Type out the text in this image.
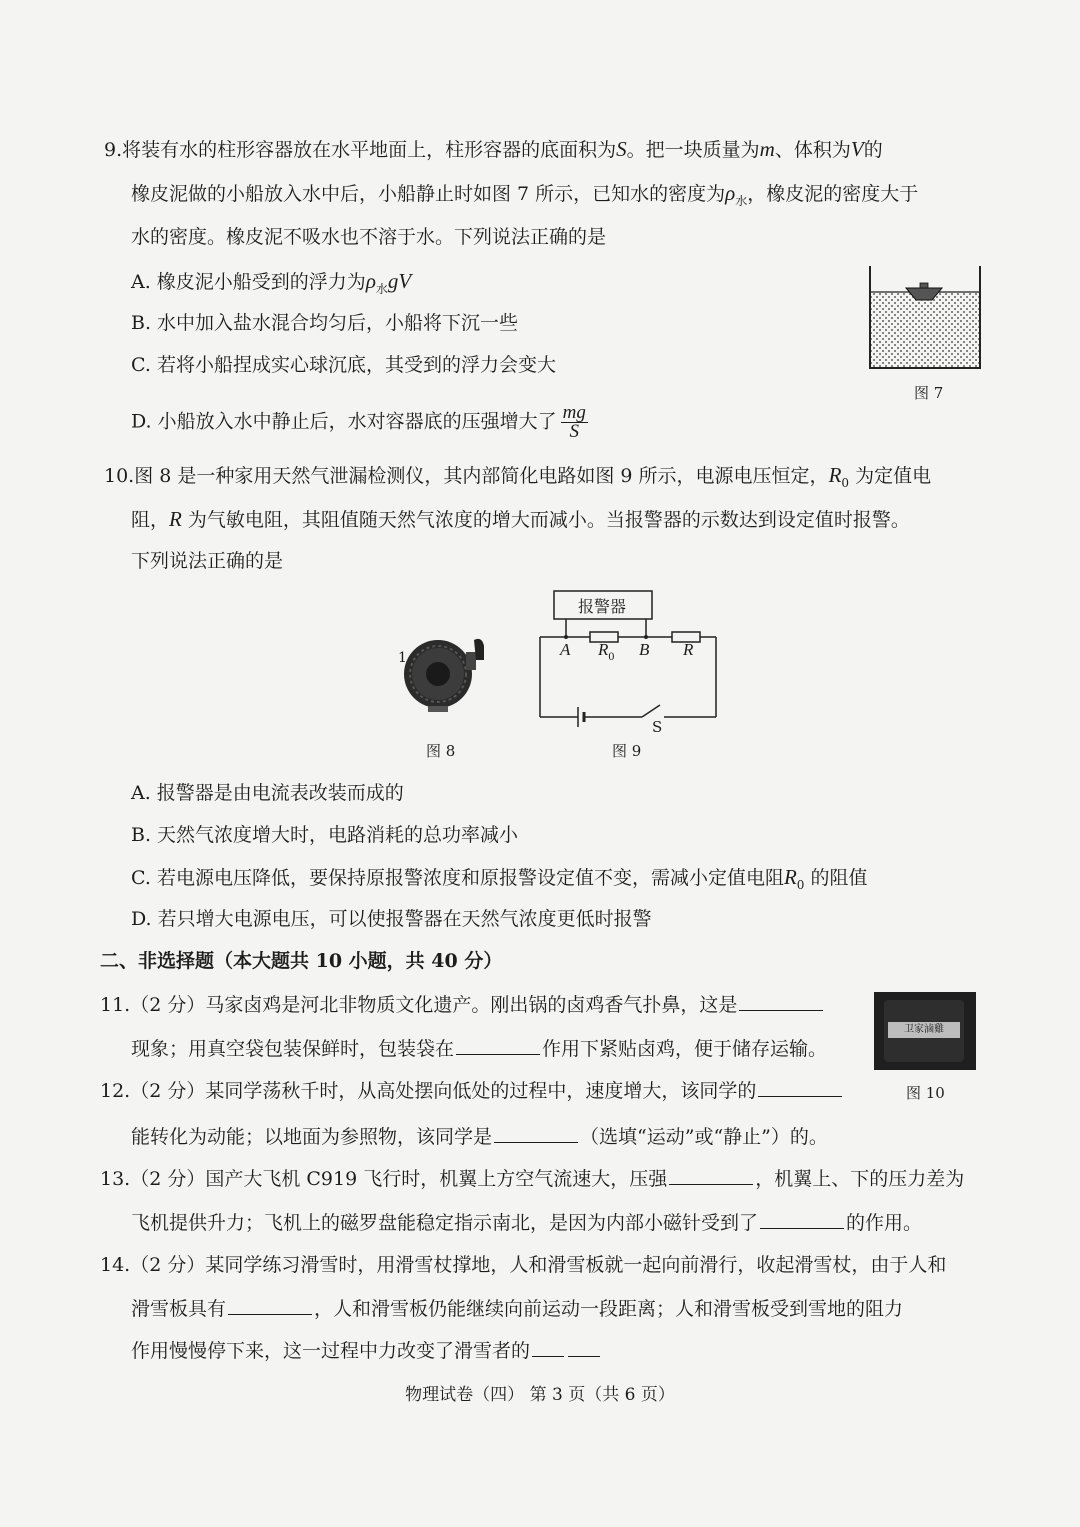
9.将装有水的柱形容器放在水平地面上，柱形容器的底面积为S。把一块质量为m、体积为V的
橡皮泥做的小船放入水中后，小船静止时如图 7 所示，已知水的密度为$\rho_水$，橡皮泥的密度大于
水的密度。橡皮泥不吸水也不溶于水。下列说法正确的是
A. 橡皮泥小船受到的浮力为$\rho_水gV$
B. 水中加入盐水混合均匀后，小船将下沉一些
C. 若将小船捏成实心球沉底，其受到的浮力会变大
D. 小船放入水中静止后，水对容器底的压强增大了 $\frac{mg}{S}$
图 7
10.图 8 是一种家用天然气泄漏检测仪，其内部简化电路如图 9 所示，电源电压恒定，$R_0$ 为定值电
阻，R 为气敏电阻，其阻值随天然气浓度的增大而减小。当报警器的示数达到设定值时报警。
下列说法正确的是
1
图 8
报警器
A $R_0$ B R
S
图 9
A. 报警器是由电流表改装而成的
B. 天然气浓度增大时，电路消耗的总功率减小
C. 若电源电压降低，要保持原报警浓度和原报警设定值不变，需减小定值电阻$R_0$ 的阻值
D. 若只增大电源电压，可以使报警器在天然气浓度更低时报警
二、非选择题（本大题共 10 小题，共 40 分）
11.（2 分）马家卤鸡是河北非物质文化遗产。刚出锅的卤鸡香气扑鼻，这是
现象；用真空袋包装保鲜时，包装袋在	作用下紧贴卤鸡，便于储存运输。
卫家滷雞
图 10
12.（2 分）某同学荡秋千时，从高处摆向低处的过程中，速度增大，该同学的
能转化为动能；以地面为参照物，该同学是	（选填“运动”或“静止”）的。
13.（2 分）国产大飞机 C919 飞行时，机翼上方空气流速大，压强	，机翼上、下的压力差为
飞机提供升力；飞机上的磁罗盘能稳定指示南北，是因为内部小磁针受到了	的作用。
14.（2 分）某同学练习滑雪时，用滑雪杖撑地，人和滑雪板就一起向前滑行，收起滑雪杖，由于人和
滑雪板具有	，人和滑雪板仍能继续向前运动一段距离；人和滑雪板受到雪地的阻力
作用慢慢停下来，这一过程中力改变了滑雪者的
物理试卷（四） 第 3 页（共 6 页）
